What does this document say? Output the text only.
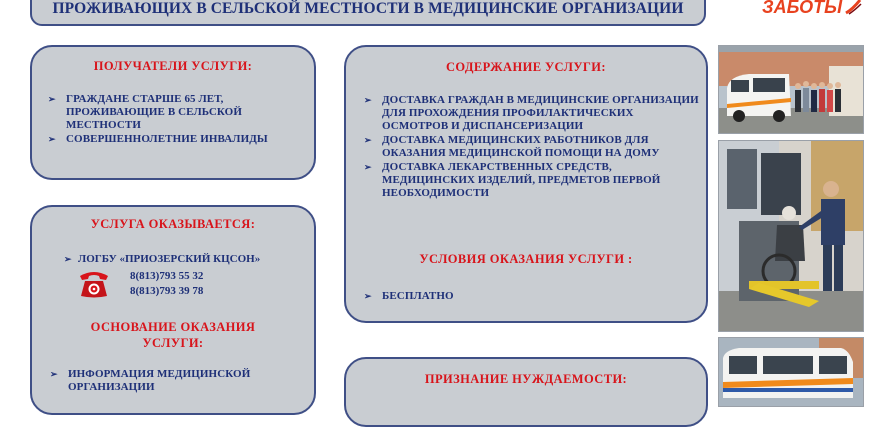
ПРОЖИВАЮЩИХ В СЕЛЬСКОЙ МЕСТНОСТИ В МЕДИЦИНСКИЕ ОРГАНИЗАЦИИ	ЗАБОТЫ
ПОЛУЧАТЕЛИ УСЛУГИ:
➢ ГРАЖДАНЕ СТАРШЕ 65 ЛЕТ, ПРОЖИВАЮЩИЕ В СЕЛЬСКОЙ МЕСТНОСТИ
➢ СОВЕРШЕННОЛЕТНИЕ ИНВАЛИДЫ
УСЛУГА ОКАЗЫВАЕТСЯ:
➢ ЛОГБУ «ПРИОЗЕРСКИЙ КЦСОН»
8(813)793 55 32
8(813)793 39 78
ОСНОВАНИЕ ОКАЗАНИЯ
УСЛУГИ:
➢ ИНФОРМАЦИЯ МЕДИЦИНСКОЙ ОРГАНИЗАЦИИ
СОДЕРЖАНИЕ УСЛУГИ:
➢ ДОСТАВКА ГРАЖДАН В МЕДИЦИНСКИЕ ОРГАНИЗАЦИИ ДЛЯ ПРОХОЖДЕНИЯ ПРОФИЛАКТИЧЕСКИХ ОСМОТРОВ И ДИСПАНСЕРИЗАЦИИ
➢ ДОСТАВКА МЕДИЦИНСКИХ РАБОТНИКОВ ДЛЯ ОКАЗАНИЯ МЕДИЦИНСКОЙ ПОМОЩИ НА ДОМУ
➢ ДОСТАВКА ЛЕКАРСТВЕННЫХ СРЕДСТВ, МЕДИЦИНСКИХ ИЗДЕЛИЙ, ПРЕДМЕТОВ ПЕРВОЙ НЕОБХОДИМОСТИ
УСЛОВИЯ ОКАЗАНИЯ УСЛУГИ :
➢ БЕСПЛАТНО
ПРИЗНАНИЕ НУЖДАЕМОСТИ:
